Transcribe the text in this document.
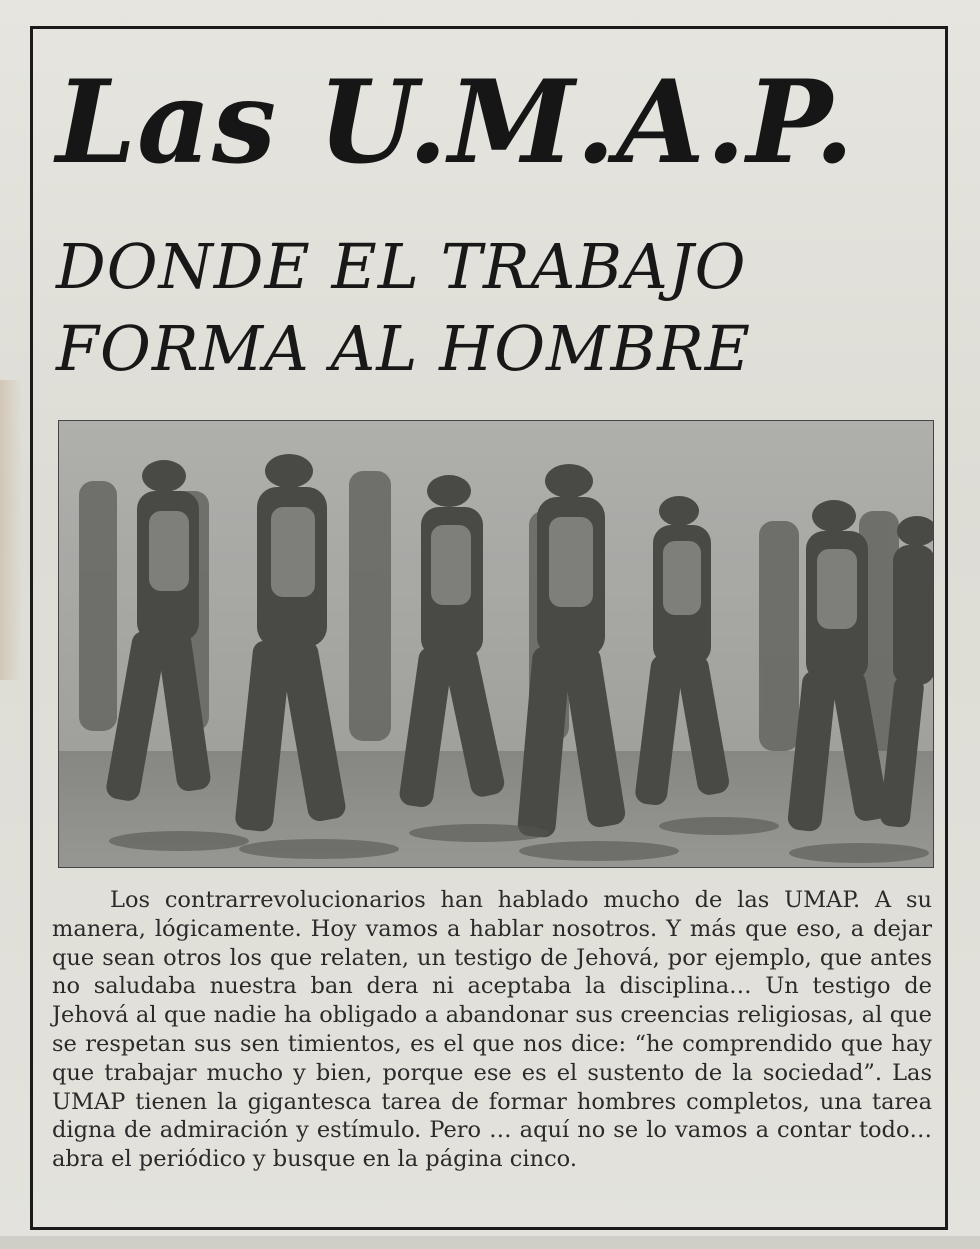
Las U.M.A.P.
DONDE EL TRABAJO
FORMA AL HOMBRE

Los contrarrevolucionarios han hablado mucho de las UMAP. A su manera, lógicamente. Hoy vamos a hablar nosotros. Y más que eso, a dejar que sean otros los que relaten, un testigo de Jehová, por ejemplo, que antes no saludaba nuestra ban dera ni aceptaba la disciplina… Un testigo de Jehová al que nadie ha obligado a abandonar sus creencias religiosas, al que se respetan sus sen timientos, es el que nos dice: “he comprendido que hay que trabajar mucho y bien, porque ese es el sustento de la sociedad”. Las UMAP tienen la gigantesca tarea de formar hombres completos, una tarea digna de admiración y estímulo. Pero … aquí no se lo vamos a contar todo… abra el periódico y busque en la página cinco.
